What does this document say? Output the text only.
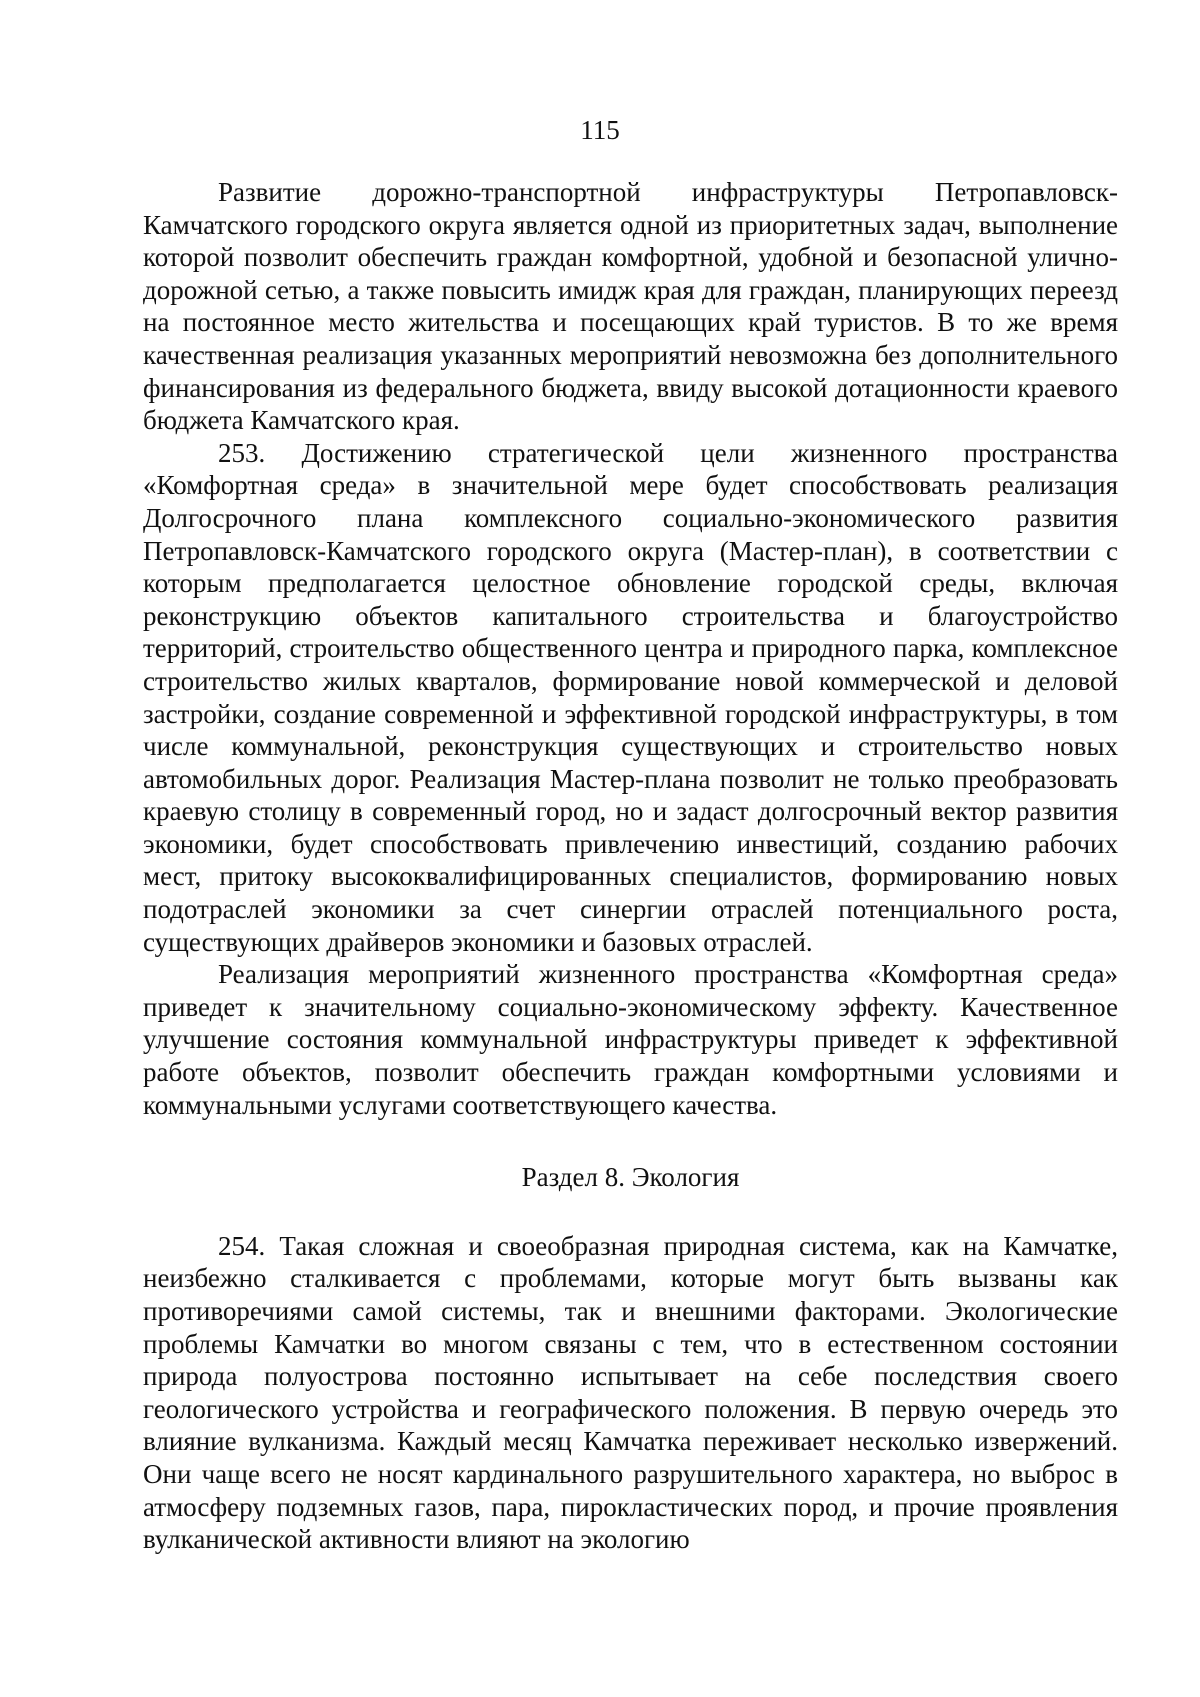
115

Развитие дорожно-транспортной инфраструктуры Петропавловск-Камчатского городского округа является одной из приоритетных задач, выполнение которой позволит обеспечить граждан комфортной, удобной и безопасной улично-дорожной сетью, а также повысить имидж края для граждан, планирующих переезд на постоянное место жительства и посещающих край туристов. В то же время качественная реализация указанных мероприятий невозможна без дополнительного финансирования из федерального бюджета, ввиду высокой дотационности краевого бюджета Камчатского края.

253. Достижению стратегической цели жизненного пространства «Комфортная среда» в значительной мере будет способствовать реализация Долгосрочного плана комплексного социально-экономического развития Петропавловск-Камчатского городского округа (Мастер-план), в соответствии с которым предполагается целостное обновление городской среды, включая реконструкцию объектов капитального строительства и благоустройство территорий, строительство общественного центра и природного парка, комплексное строительство жилых кварталов, формирование новой коммерческой и деловой застройки, создание современной и эффективной городской инфраструктуры, в том числе коммунальной, реконструкция существующих и строительство новых автомобильных дорог. Реализация Мастер-плана позволит не только преобразовать краевую столицу в современный город, но и задаст долгосрочный вектор развития экономики, будет способствовать привлечению инвестиций, созданию рабочих мест, притоку высококвалифицированных специалистов, формированию новых подотраслей экономики за счет синергии отраслей потенциального роста, существующих драйверов экономики и базовых отраслей.

Реализация мероприятий жизненного пространства «Комфортная среда» приведет к значительному социально-экономическому эффекту. Качественное улучшение состояния коммунальной инфраструктуры приведет к эффективной работе объектов, позволит обеспечить граждан комфортными условиями и коммунальными услугами соответствующего качества.

Раздел 8. Экология

254. Такая сложная и своеобразная природная система, как на Камчатке, неизбежно сталкивается с проблемами, которые могут быть вызваны как противоречиями самой системы, так и внешними факторами. Экологические проблемы Камчатки во многом связаны с тем, что в естественном состоянии природа полуострова постоянно испытывает на себе последствия своего геологического устройства и географического положения. В первую очередь это влияние вулканизма. Каждый месяц Камчатка переживает несколько извержений. Они чаще всего не носят кардинального разрушительного характера, но выброс в атмосферу подземных газов, пара, пирокластических пород, и прочие проявления вулканической активности влияют на экологию
